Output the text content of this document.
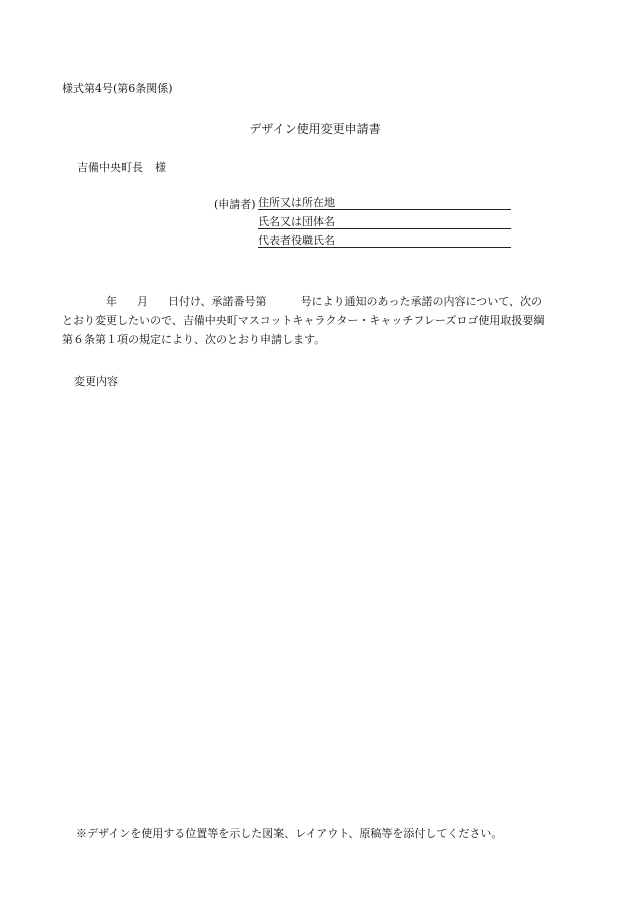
様式第4号(第6条関係)
デザイン使用変更申請書
吉備中央町長 様
(申請者) 住所又は所在地
氏名又は団体名
代表者役職氏名
年 月 日付け、承諾番号第	号により通知のあった承諾の内容について、次の
とおり変更したいので、吉備中央町マスコットキャラクター・キャッチフレーズロゴ使用取扱要綱
第６条第１項の規定により、次のとおり申請します。
変更内容
※デザインを使用する位置等を示した図案、レイアウト、原稿等を添付してください。
